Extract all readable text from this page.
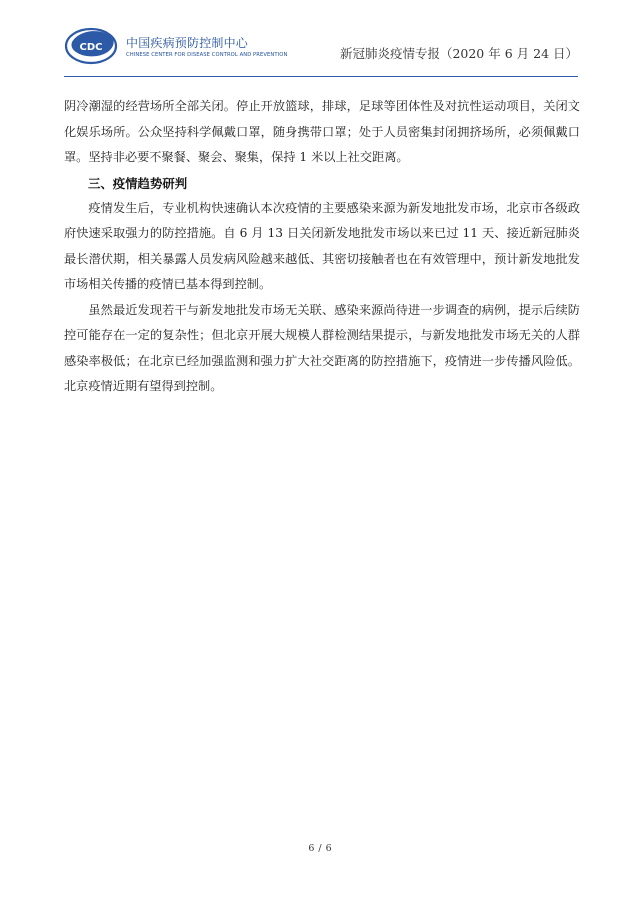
CDC 中国疾病预防控制中心
CHINESE CENTER FOR DISEASE CONTROL AND PREVENTION	新冠肺炎疫情专报（2020 年 6 月 24 日）

阴冷潮湿的经营场所全部关闭。停止开放篮球，排球，足球等团体性及对抗性运动项目，关闭文化娱乐场所。公众坚持科学佩戴口罩，随身携带口罩；处于人员密集封闭拥挤场所，必须佩戴口罩。坚持非必要不聚餐、聚会、聚集，保持 1 米以上社交距离。

三、疫情趋势研判

疫情发生后，专业机构快速确认本次疫情的主要感染来源为新发地批发市场，北京市各级政府快速采取强力的防控措施。自 6 月 13 日关闭新发地批发市场以来已过 11 天、接近新冠肺炎最长潜伏期，相关暴露人员发病风险越来越低、其密切接触者也在有效管理中，预计新发地批发市场相关传播的疫情已基本得到控制。

虽然最近发现若干与新发地批发市场无关联、感染来源尚待进一步调查的病例，提示后续防控可能存在一定的复杂性；但北京开展大规模人群检测结果提示，与新发地批发市场无关的人群感染率极低；在北京已经加强监测和强力扩大社交距离的防控措施下，疫情进一步传播风险低。北京疫情近期有望得到控制。

6 / 6
